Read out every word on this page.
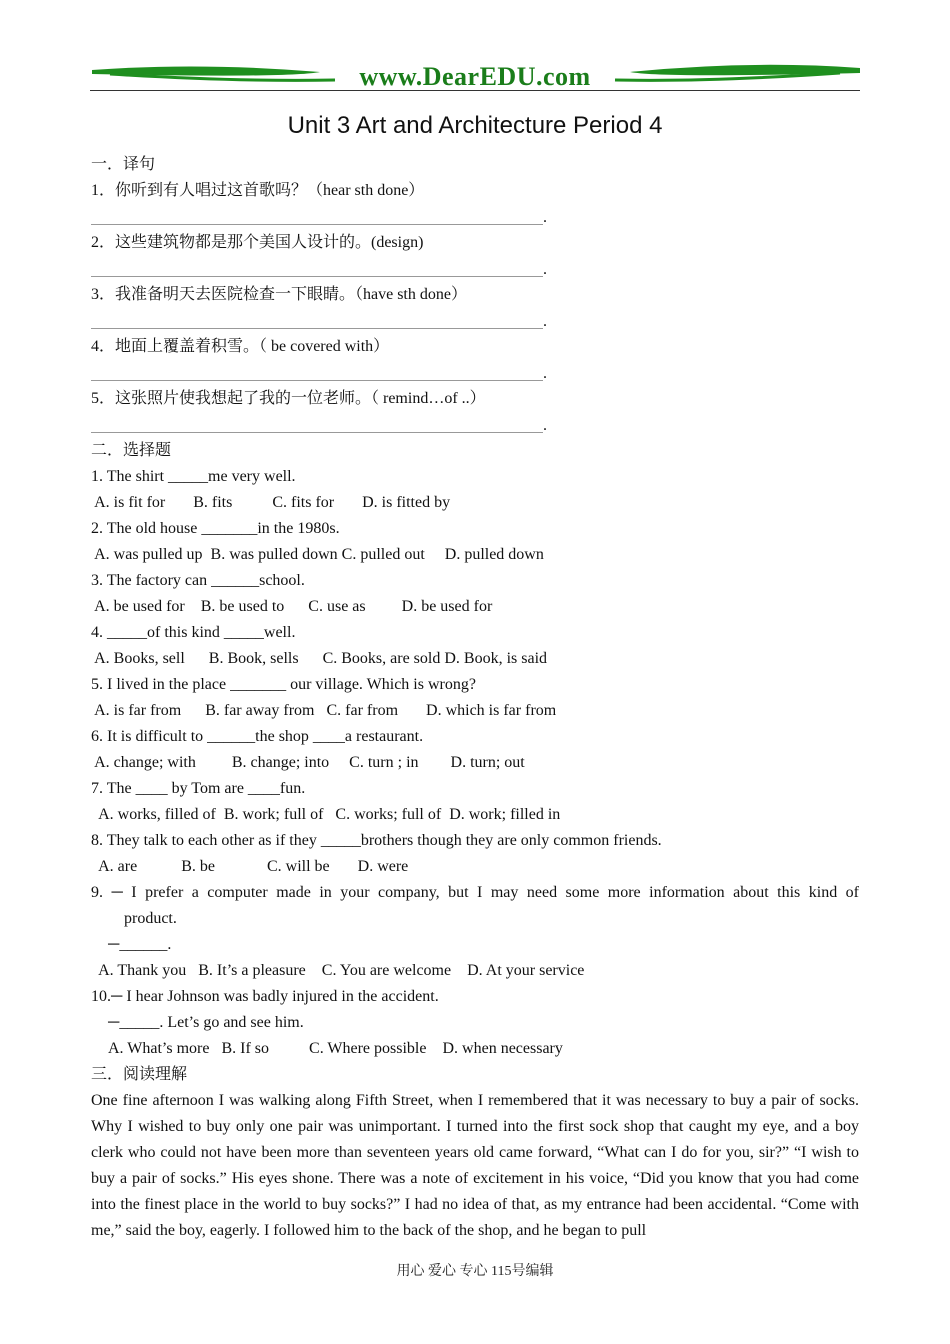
www.DearEDU.com
Unit 3 Art and Architecture Period 4
一．译句
1．你听到有人唱过这首歌吗？（hear sth done）
.
2．这些建筑物都是那个美国人设计的。(design)
.
3．我准备明天去医院检查一下眼睛。（have sth done）
.
4．地面上覆盖着积雪。（ be covered with）
.
5．这张照片使我想起了我的一位老师。（ remind…of ..）
.
二．选择题
1. The shirt _____me very well.
A. is fit for       B. fits          C. fits for       D. is fitted by
2. The old house _______in the 1980s.
A. was pulled up  B. was pulled down C. pulled out     D. pulled down
3. The factory can ______school.
A. be used for    B. be used to      C. use as         D. be used for
4. _____of this kind _____well.
A. Books, sell      B. Book, sells      C. Books, are sold D. Book, is said
5. I lived in the place _______ our village. Which is wrong?
A. is far from      B. far away from   C. far from       D. which is far from
6. It is difficult to ______the shop ____a restaurant.
A. change; with         B. change; into     C. turn ; in        D. turn; out
7. The ____ by Tom are ____fun.
A. works, filled of  B. work; full of   C. works; full of  D. work; filled in
8. They talk to each other as if they _____brothers though they are only common friends.
A. are           B. be             C. will be       D. were
9. ─ I prefer a computer made in your company, but I may need some more information about this kind of
product.
─______.
A. Thank you   B. It’s a pleasure    C. You are welcome    D. At your service
10.─ I hear Johnson was badly injured in the accident.
─_____. Let’s go and see him.
A. What’s more   B. If so          C. Where possible    D. when necessary
三．阅读理解
One fine afternoon I was walking along Fifth Street, when I remembered that it was necessary to buy a pair of socks. Why I wished to buy only one pair was unimportant. I turned into the first sock shop that caught my eye, and a boy clerk who could not have been more than seventeen years old came forward, “What can I do for you, sir?” “I wish to buy a pair of socks.” His eyes shone. There was a note of excitement in his voice, “Did you know that you had come into the finest place in the world to buy socks?” I had no idea of that, as my entrance had been accidental. “Come with me,” said the boy, eagerly. I followed him to the back of the shop, and he began to pull
用心 爱心 专心 115号编辑
